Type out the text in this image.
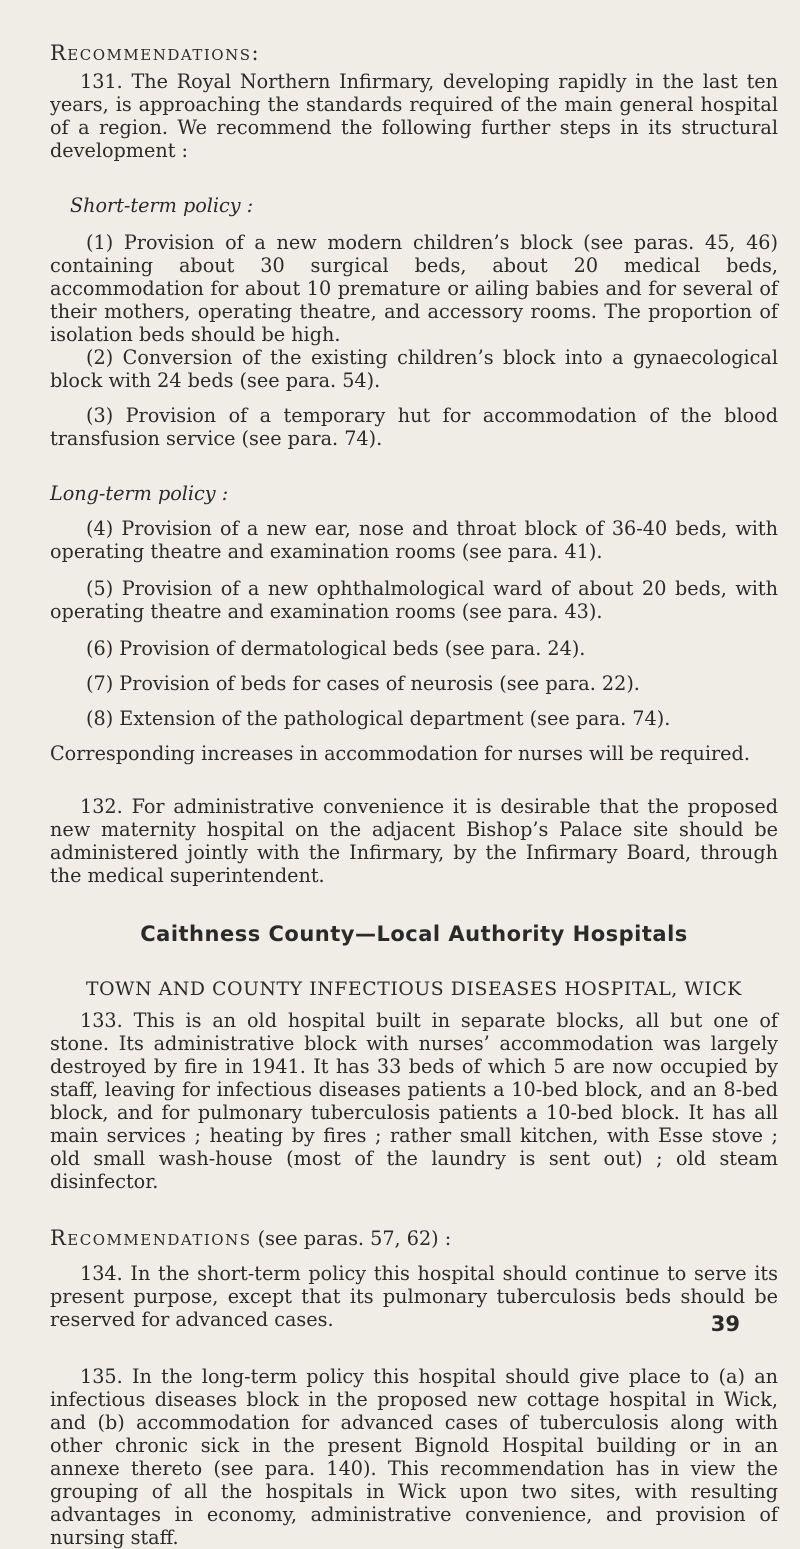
Recommendations:

131. The Royal Northern Infirmary, developing rapidly in the last ten years, is approaching the standards required of the main general hospital of a region. We recommend the following further steps in its structural development :

Short-term policy :

(1) Provision of a new modern children’s block (see paras. 45, 46) containing about 30 surgical beds, about 20 medical beds, accommodation for about 10 premature or ailing babies and for several of their mothers, operating theatre, and accessory rooms. The proportion of isolation beds should be high.

(2) Conversion of the existing children’s block into a gynaecological block with 24 beds (see para. 54).

(3) Provision of a temporary hut for accommodation of the blood transfusion service (see para. 74).

Long-term policy :

(4) Provision of a new ear, nose and throat block of 36-40 beds, with operating theatre and examination rooms (see para. 41).

(5) Provision of a new ophthalmological ward of about 20 beds, with operating theatre and examination rooms (see para. 43).

(6) Provision of dermatological beds (see para. 24).

(7) Provision of beds for cases of neurosis (see para. 22).

(8) Extension of the pathological department (see para. 74).

Corresponding increases in accommodation for nurses will be required.

132. For administrative convenience it is desirable that the proposed new maternity hospital on the adjacent Bishop’s Palace site should be administered jointly with the Infirmary, by the Infirmary Board, through the medical superintendent.

Caithness County—Local Authority Hospitals

TOWN AND COUNTY INFECTIOUS DISEASES HOSPITAL, WICK

133. This is an old hospital built in separate blocks, all but one of stone. Its administrative block with nurses’ accommodation was largely destroyed by fire in 1941. It has 33 beds of which 5 are now occupied by staff, leaving for infectious diseases patients a 10-bed block, and an 8-bed block, and for pulmonary tuberculosis patients a 10-bed block. It has all main services ; heating by fires ; rather small kitchen, with Esse stove ; old small wash-house (most of the laundry is sent out) ; old steam disinfector.

Recommendations (see paras. 57, 62) :

134. In the short-term policy this hospital should continue to serve its present purpose, except that its pulmonary tuberculosis beds should be reserved for advanced cases.

135. In the long-term policy this hospital should give place to (a) an infectious diseases block in the proposed new cottage hospital in Wick, and (b) accommodation for advanced cases of tuberculosis along with other chronic sick in the present Bignold Hospital building or in an annexe thereto (see para. 140). This recommendation has in view the grouping of all the hospitals in Wick upon two sites, with resulting advantages in economy, administrative convenience, and provision of nursing staff.

39
